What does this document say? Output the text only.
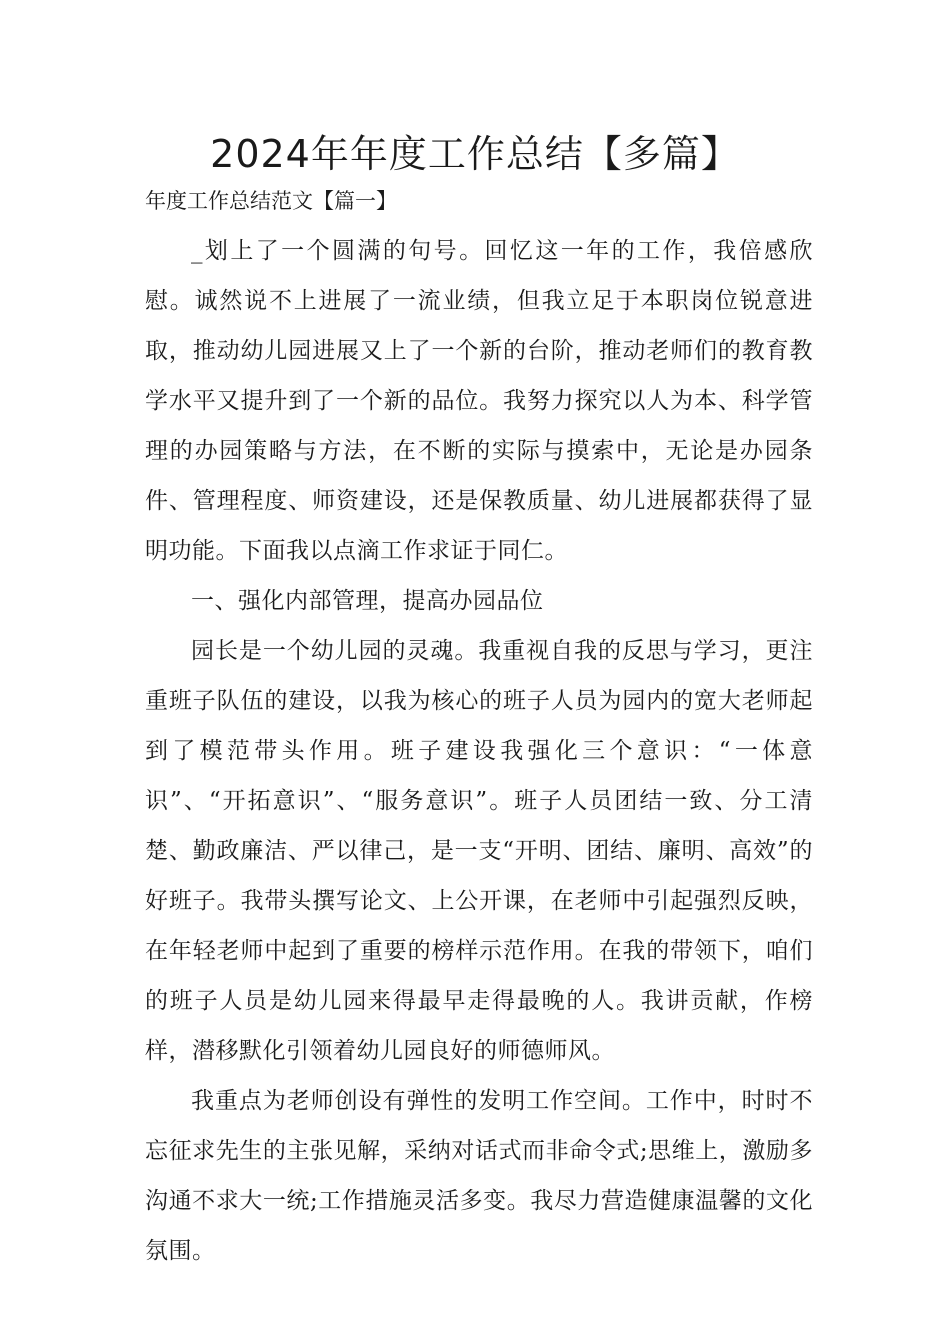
2024年年度工作总结【多篇】

年度工作总结范文【篇一】

_划上了一个圆满的句号。回忆这一年的工作，我倍感欣慰。诚然说不上进展了一流业绩，但我立足于本职岗位锐意进取，推动幼儿园进展又上了一个新的台阶，推动老师们的教育教学水平又提升到了一个新的品位。我努力探究以人为本、科学管理的办园策略与方法，在不断的实际与摸索中，无论是办园条件、管理程度、师资建设，还是保教质量、幼儿进展都获得了显明功能。下面我以点滴工作求证于同仁。

一、强化内部管理，提高办园品位

园长是一个幼儿园的灵魂。我重视自我的反思与学习，更注重班子队伍的建设，以我为核心的班子人员为园内的宽大老师起到了模范带头作用。班子建设我强化三个意识：“一体意识”、“开拓意识”、“服务意识”。班子人员团结一致、分工清楚、勤政廉洁、严以律己，是一支“开明、团结、廉明、高效”的好班子。我带头撰写论文、上公开课，在老师中引起强烈反映，在年轻老师中起到了重要的榜样示范作用。在我的带领下，咱们的班子人员是幼儿园来得最早走得最晚的人。我讲贡献，作榜样，潜移默化引领着幼儿园良好的师德师风。

我重点为老师创设有弹性的发明工作空间。工作中，时时不忘征求先生的主张见解，采纳对话式而非命令式;思维上，激励多沟通不求大一统;工作措施灵活多变。我尽力营造健康温馨的文化氛围。
